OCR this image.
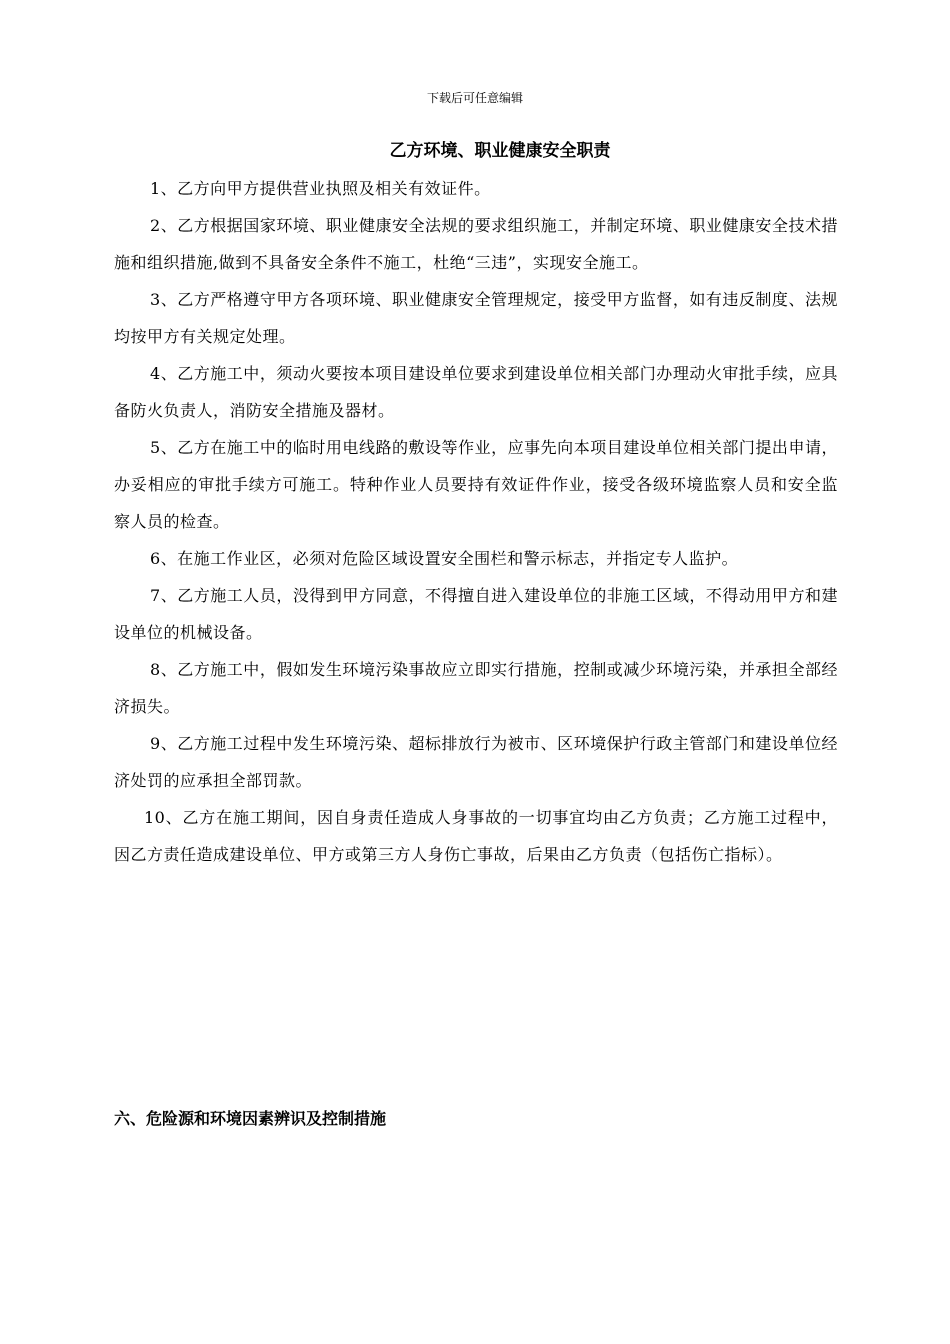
下载后可任意编辑
乙方环境、职业健康安全职责

1、乙方向甲方提供营业执照及相关有效证件。

2、乙方根据国家环境、职业健康安全法规的要求组织施工，并制定环境、职业健康安全技术措施和组织措施,做到不具备安全条件不施工，杜绝“三违”，实现安全施工。

3、乙方严格遵守甲方各项环境、职业健康安全管理规定，接受甲方监督，如有违反制度、法规均按甲方有关规定处理。

4、乙方施工中，须动火要按本项目建设单位要求到建设单位相关部门办理动火审批手续，应具备防火负责人，消防安全措施及器材。

5、乙方在施工中的临时用电线路的敷设等作业，应事先向本项目建设单位相关部门提出申请，办妥相应的审批手续方可施工。特种作业人员要持有效证件作业，接受各级环境监察人员和安全监察人员的检查。

6、在施工作业区，必须对危险区域设置安全围栏和警示标志，并指定专人监护。

7、乙方施工人员，没得到甲方同意，不得擅自进入建设单位的非施工区域，不得动用甲方和建设单位的机械设备。

8、乙方施工中，假如发生环境污染事故应立即实行措施，控制或减少环境污染，并承担全部经济损失。

9、乙方施工过程中发生环境污染、超标排放行为被市、区环境保护行政主管部门和建设单位经济处罚的应承担全部罚款。

10、乙方在施工期间，因自身责任造成人身事故的一切事宜均由乙方负责；乙方施工过程中，因乙方责任造成建设单位、甲方或第三方人身伤亡事故，后果由乙方负责（包括伤亡指标）。

六、危险源和环境因素辨识及控制措施
